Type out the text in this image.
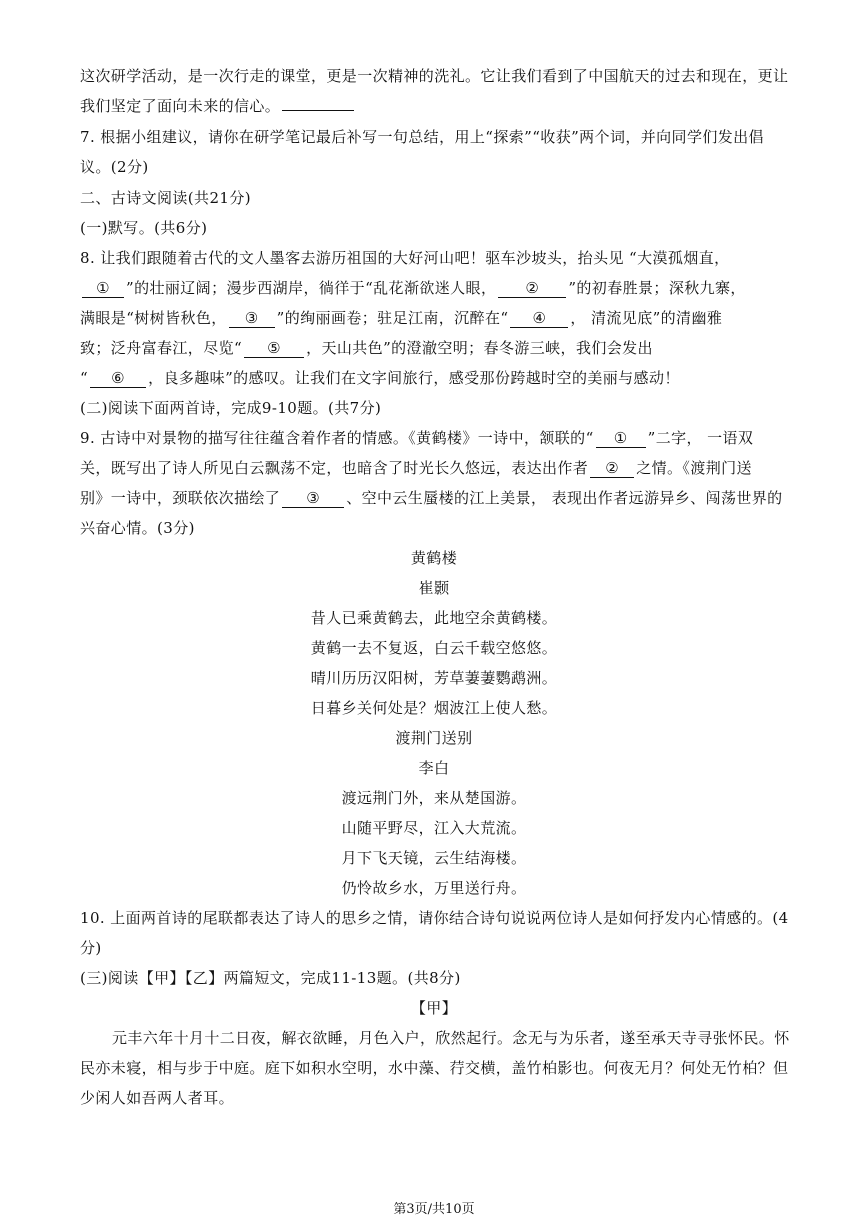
这次研学活动，是一次行走的课堂，更是一次精神的洗礼。它让我们看到了中国航天的过去和现在，更让
我们坚定了面向未来的信心。
7. 根据小组建议，请你在研学笔记最后补写一句总结，用上“探索”“收获”两个词，并向同学们发出倡
议。(2分)
二、古诗文阅读(共21分)
(一)默写。(共6分)
8. 让我们跟随着古代的文人墨客去游历祖国的大好河山吧！驱车沙坡头，抬头见 “大漠孤烟直，
① ”的壮丽辽阔；漫步西湖岸，徜徉于“乱花渐欲迷人眼， ② ”的初春胜景；深秋九寨，
满眼是“树树皆秋色， ③ ”的绚丽画卷；驻足江南，沉醉在“ ④ ， 清流见底”的清幽雅
致；泛舟富春江，尽览“ ⑤ ，天山共色”的澄澈空明；春冬游三峡，我们会发出
“ ⑥ ，良多趣味”的感叹。让我们在文字间旅行，感受那份跨越时空的美丽与感动！
(二)阅读下面两首诗，完成9-10题。(共7分)
9. 古诗中对景物的描写往往蕴含着作者的情感。《黄鹤楼》一诗中，颔联的“ ① ”二字， 一语双
关，既写出了诗人所见白云飘荡不定，也暗含了时光长久悠远，表达出作者 ② 之情。《渡荆门送
别》一诗中，颈联依次描绘了 ③ 、空中云生蜃楼的江上美景， 表现出作者远游异乡、闯荡世界的
兴奋心情。(3分)
黄鹤楼
崔颢
昔人已乘黄鹤去，此地空余黄鹤楼。
黄鹤一去不复返，白云千载空悠悠。
晴川历历汉阳树，芳草萋萋鹦鹉洲。
日暮乡关何处是？烟波江上使人愁。
渡荆门送别
李白
渡远荆门外，来从楚国游。
山随平野尽，江入大荒流。
月下飞天镜，云生结海楼。
仍怜故乡水，万里送行舟。
10. 上面两首诗的尾联都表达了诗人的思乡之情，请你结合诗句说说两位诗人是如何抒发内心情感的。(4
分)
(三)阅读【甲】【乙】两篇短文，完成11-13题。(共8分)
【甲】
元丰六年十月十二日夜，解衣欲睡，月色入户，欣然起行。念无与为乐者，遂至承天寺寻张怀民。怀
民亦未寝，相与步于中庭。庭下如积水空明，水中藻、荇交横，盖竹柏影也。何夜无月？何处无竹柏？但
少闲人如吾两人者耳。
第3页/共10页
